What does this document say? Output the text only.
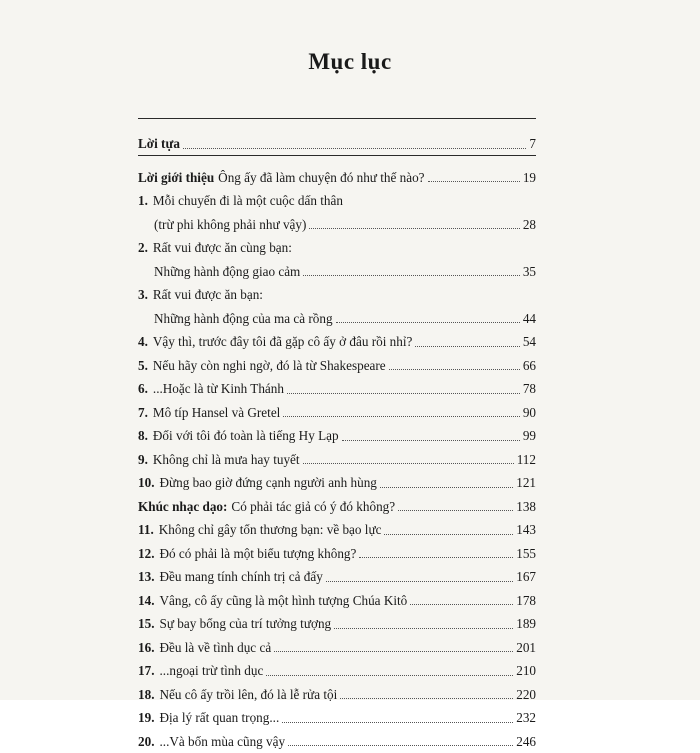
Mục lục
Lời tựa	7
Lời giới thiệu Ông ấy đã làm chuyện đó như thế nào?	19
1. Mỗi chuyến đi là một cuộc dấn thân
(trừ phi không phải như vậy)	28
2. Rất vui được ăn cùng bạn:
Những hành động giao cảm	35
3. Rất vui được ăn bạn:
Những hành động của ma cà rồng	44
4. Vậy thì, trước đây tôi đã gặp cô ấy ở đâu rồi nhỉ?	54
5. Nếu hãy còn nghi ngờ, đó là từ Shakespeare	66
6. ...Hoặc là từ Kinh Thánh	78
7. Mô típ Hansel và Gretel	90
8. Đối với tôi đó toàn là tiếng Hy Lạp	99
9. Không chỉ là mưa hay tuyết	112
10. Đừng bao giờ đứng cạnh người anh hùng	121
Khúc nhạc dạo: Có phải tác giả có ý đó không?	138
11. Không chỉ gây tổn thương bạn: về bạo lực	143
12. Đó có phải là một biểu tượng không?	155
13. Đều mang tính chính trị cả đấy	167
14. Vâng, cô ấy cũng là một hình tượng Chúa Kitô	178
15. Sự bay bổng của trí tưởng tượng	189
16. Đều là về tình dục cả	201
17. ...ngoại trừ tình dục	210
18. Nếu cô ấy trồi lên, đó là lễ rửa tội	220
19. Địa lý rất quan trọng...	232
20. ...Và bốn mùa cũng vậy	246
